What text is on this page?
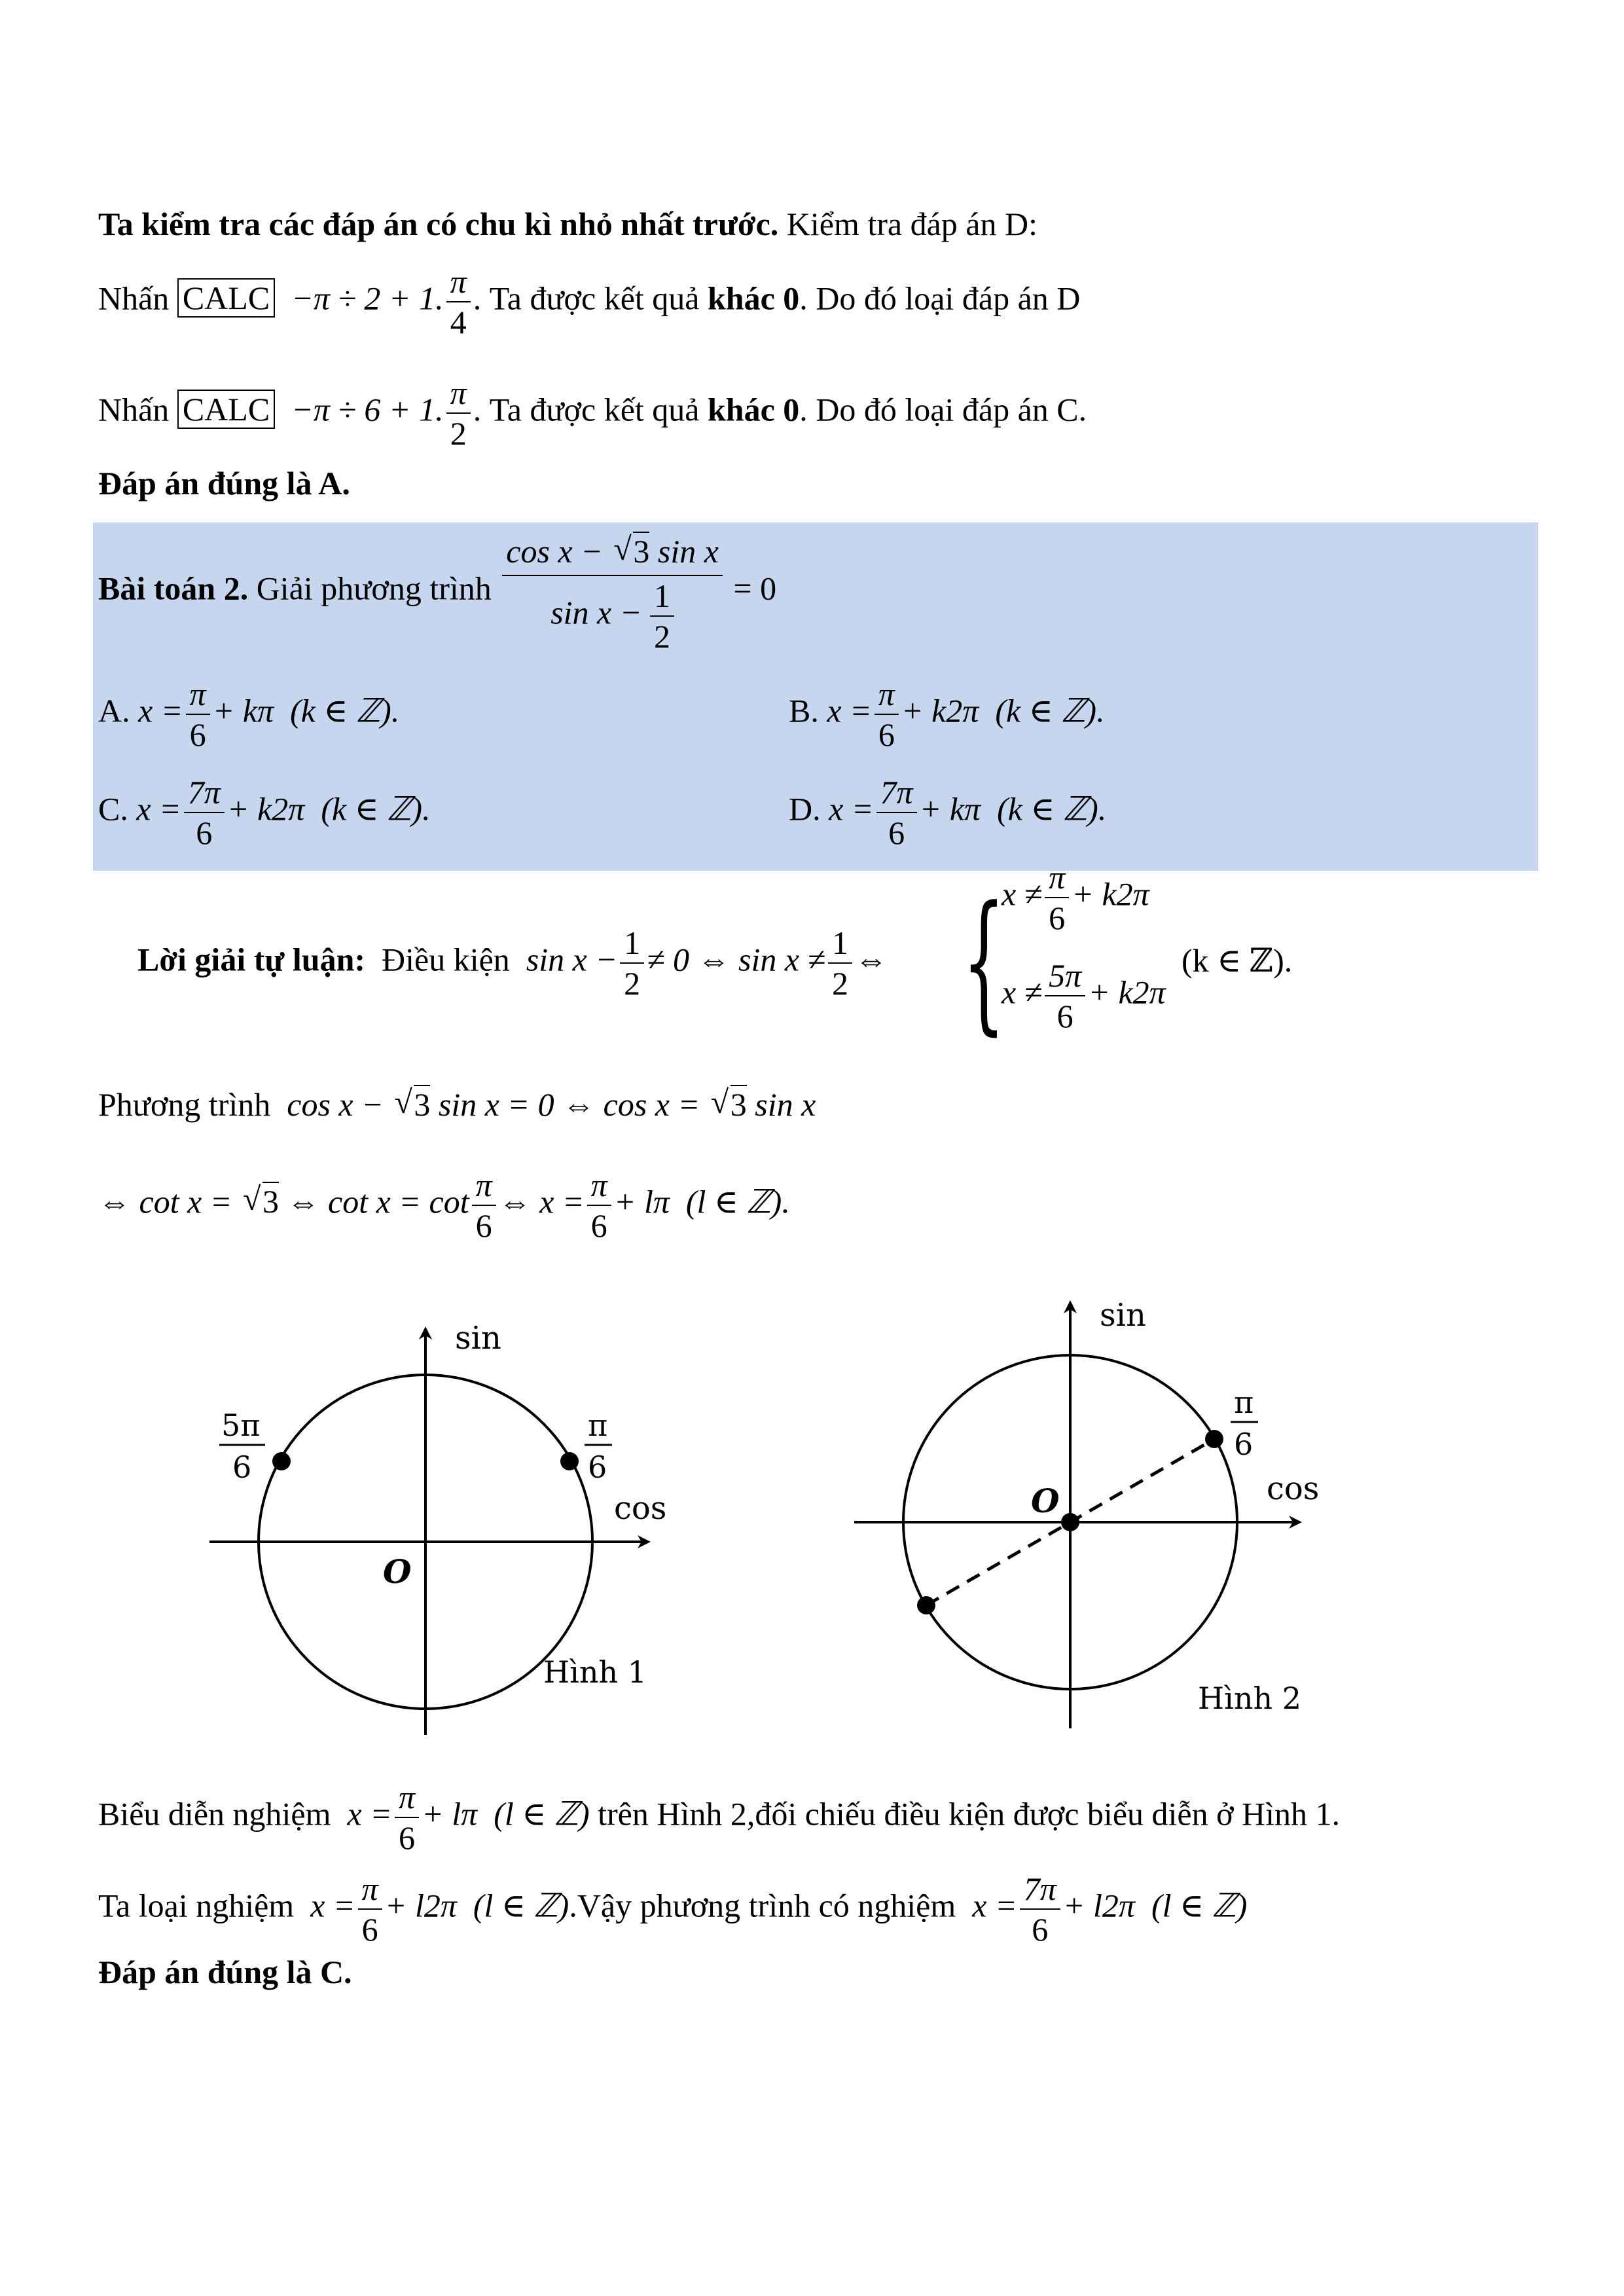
Ta kiểm tra các đáp án có chu kì nhỏ nhất trước. Kiểm tra đáp án D:
Nhấn CALC −π ÷ 2 + 1. $\frac{\pi}{4}$ . Ta được kết quả khác 0. Do đó loại đáp án D
Nhấn CALC −π ÷ 6 + 1. $\frac{\pi}{2}$ . Ta được kết quả khác 0. Do đó loại đáp án C.
Đáp án đúng là A.
Bài toán 2. Giải phương trình $\frac{\text{cos x − √ 3 sin x}}{\sin x - \frac{1}{2}} = 0$
A. $x = \frac{\pi}{6} + k\pi$ (k ∈ ℤ).	B. $x = \frac{\pi}{6} + k2\pi$ (k ∈ ℤ).
C. $x = \frac{7\pi}{6} + k2\pi$ (k ∈ ℤ).	D. $x = \frac{7\pi}{6} + k\pi$ (k ∈ ℤ).
Lời giải tự luận: Điều kiện $\sin x - \frac{1}{2} \ne 0$ ⇔ $\sin x \ne \frac{1}{2}$ ⇔ {
$x \ne \frac{\pi}{6} + k2\pi$
$x \ne \frac{5\pi}{6} + k2\pi$
(k ∈ ℤ).
Phương trình cos x − √ 3 sin x = 0 ⇔ cos x = √ 3 sin x
⇔ cot x = √ 3 ⇔ $\cot x = \cot \frac{\pi}{6}$ ⇔ $x = \frac{\pi}{6} + l\pi$ (l ∈ ℤ).
sin
cos
O
5π
6
π
6
Hình 1
sin
cos
O
π
6
Hình 2
Biểu diễn nghiệm $x = \frac{\pi}{6} + l\pi$ (l ∈ ℤ) trên Hình 2,đối chiếu điều kiện được biểu diễn ở Hình 1.
Ta loại nghiệm $x = \frac{\pi}{6} + l2\pi$ (l ∈ ℤ).Vậy phương trình có nghiệm $x = \frac{7\pi}{6} + l2\pi$ (l ∈ ℤ)
Đáp án đúng là C.
